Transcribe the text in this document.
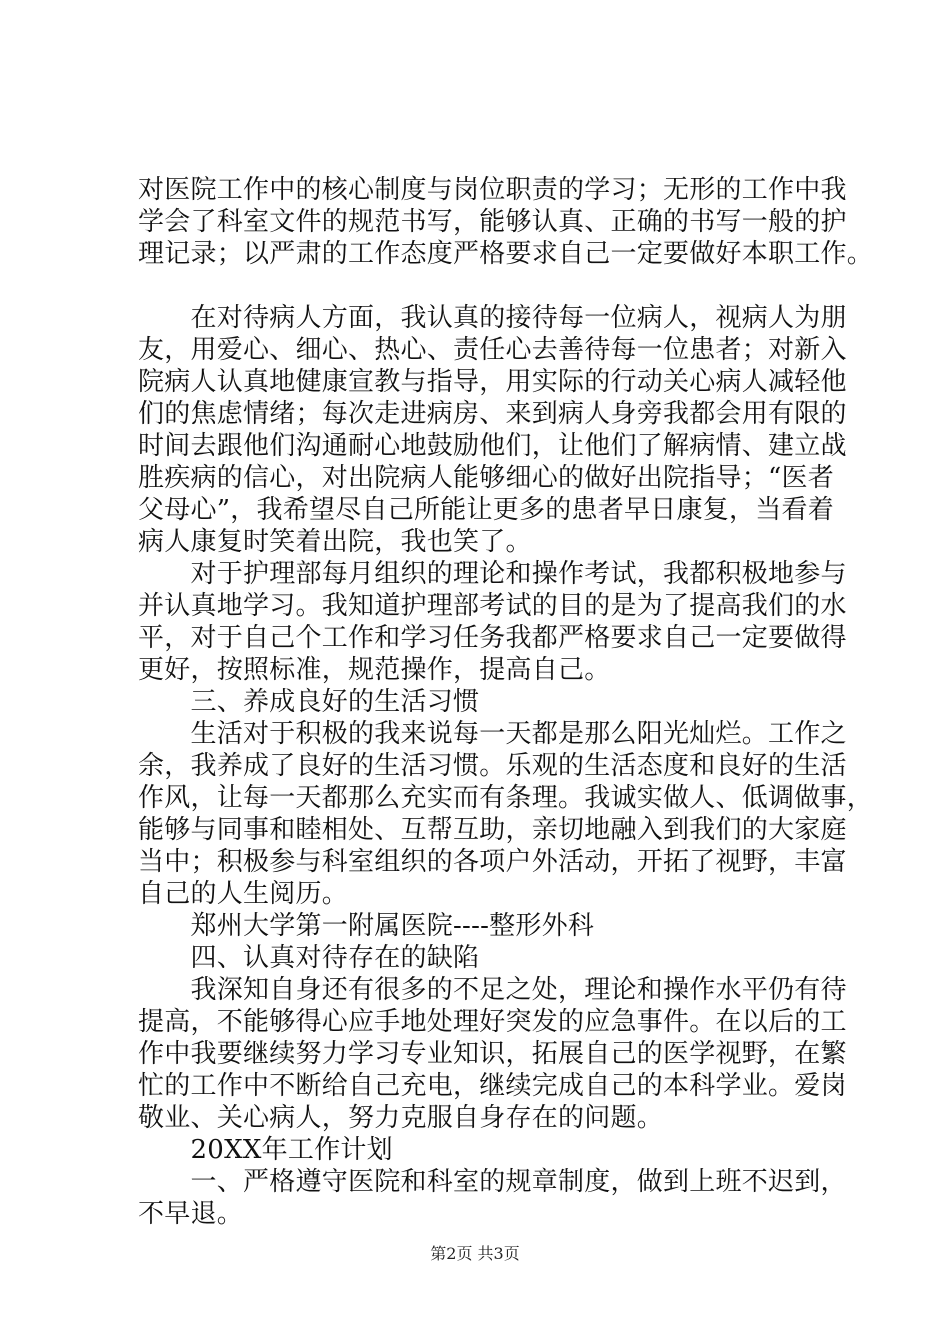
对医院工作中的核心制度与岗位职责的学习；无形的工作中我
学会了科室文件的规范书写，能够认真、正确的书写一般的护
理记录；以严肃的工作态度严格要求自己一定要做好本职工作。
　　在对待病人方面，我认真的接待每一位病人，视病人为朋
友，用爱心、细心、热心、责任心去善待每一位患者；对新入
院病人认真地健康宣教与指导，用实际的行动关心病人减轻他
们的焦虑情绪；每次走进病房、来到病人身旁我都会用有限的
时间去跟他们沟通耐心地鼓励他们，让他们了解病情、建立战
胜疾病的信心，对出院病人能够细心的做好出院指导；“医者
父母心”，我希望尽自己所能让更多的患者早日康复，当看着
病人康复时笑着出院，我也笑了。
　　对于护理部每月组织的理论和操作考试，我都积极地参与
并认真地学习。我知道护理部考试的目的是为了提高我们的水
平，对于自己个工作和学习任务我都严格要求自己一定要做得
更好，按照标准，规范操作，提高自己。
　　三、养成良好的生活习惯
　　生活对于积极的我来说每一天都是那么阳光灿烂。工作之
余，我养成了良好的生活习惯。乐观的生活态度和良好的生活
作风，让每一天都那么充实而有条理。我诚实做人、低调做事，
能够与同事和睦相处、互帮互助，亲切地融入到我们的大家庭
当中；积极参与科室组织的各项户外活动，开拓了视野，丰富
自己的人生阅历。
　　郑州大学第一附属医院----整形外科
　　四、认真对待存在的缺陷
　　我深知自身还有很多的不足之处，理论和操作水平仍有待
提高，不能够得心应手地处理好突发的应急事件。在以后的工
作中我要继续努力学习专业知识，拓展自己的医学视野，在繁
忙的工作中不断给自己充电，继续完成自己的本科学业。爱岗
敬业、关心病人，努力克服自身存在的问题。
　　20XX年工作计划
　　一、严格遵守医院和科室的规章制度，做到上班不迟到，
不早退。
第2页 共3页
